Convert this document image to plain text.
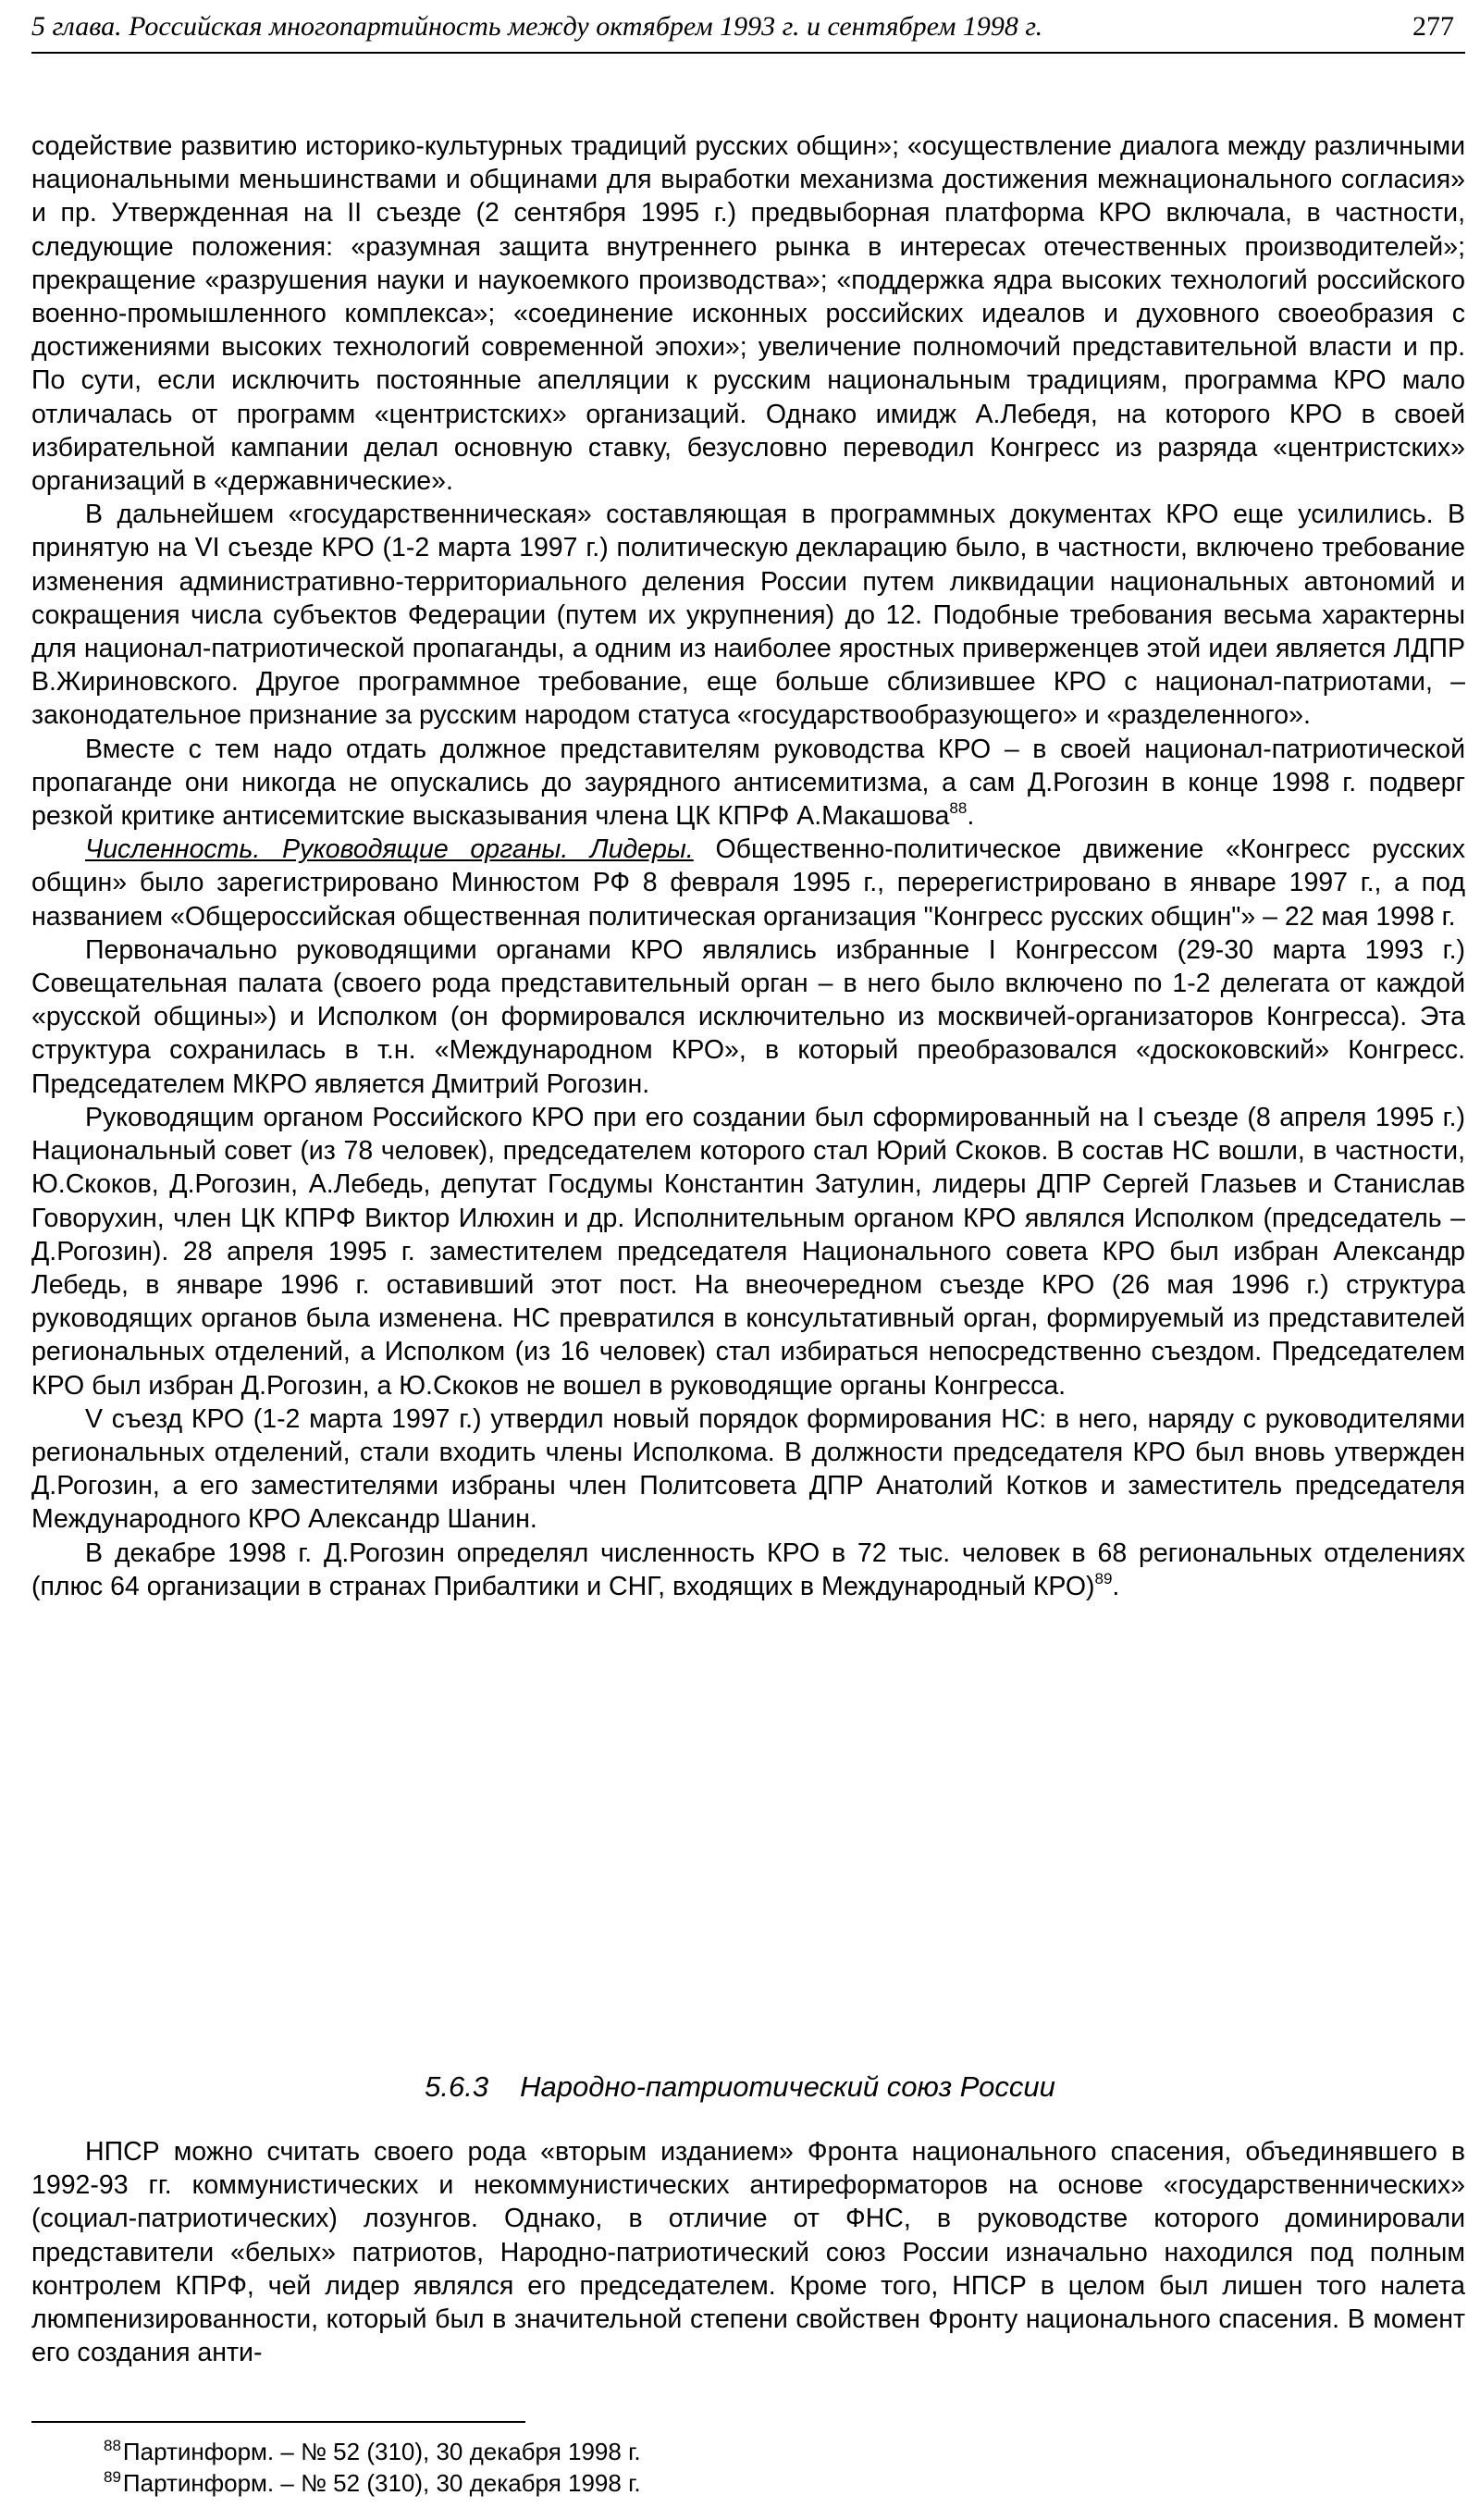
5 глава. Российская многопартийность между октябрем 1993 г. и сентябрем 1998 г.	277

содействие развитию историко-культурных традиций русских общин»; «осуществление диалога между различными национальными меньшинствами и общинами для выработки механизма достижения межнационального согласия» и пр. Утвержденная на II съезде (2 сентября 1995 г.) предвыборная платформа КРО включала, в частности, следующие положения: «разумная защита внутреннего рынка в интересах отечественных производителей»; прекращение «разрушения науки и наукоемкого производства»; «поддержка ядра высоких технологий российского военно-промышленного комплекса»; «соединение исконных российских идеалов и духовного своеобразия с достижениями высоких технологий современной эпохи»; увеличение полномочий представительной власти и пр. По сути, если исключить постоянные апелляции к русским национальным традициям, программа КРО мало отличалась от программ «центристских» организаций. Однако имидж А.Лебедя, на которого КРО в своей избирательной кампании делал основную ставку, безусловно переводил Конгресс из разряда «центристских» организаций в «державнические».

В дальнейшем «государственническая» составляющая в программных документах КРО еще усилились. В принятую на VI съезде КРО (1-2 марта 1997 г.) политическую декларацию было, в частности, включено требование изменения административно-территориального деления России путем ликвидации национальных автономий и сокращения числа субъектов Федерации (путем их укрупнения) до 12. Подобные требования весьма характерны для национал-патриотической пропаганды, а одним из наиболее яростных приверженцев этой идеи является ЛДПР В.Жириновского. Другое программное требование, еще больше сблизившее КРО с национал-патриотами, – законодательное признание за русским народом статуса «государствообразующего» и «разделенного».

Вместе с тем надо отдать должное представителям руководства КРО – в своей национал-патриотической пропаганде они никогда не опускались до заурядного антисемитизма, а сам Д.Рогозин в конце 1998 г. подверг резкой критике антисемитские высказывания члена ЦК КПРФ А.Макашова$^{88}$.

Численность. Руководящие органы. Лидеры. Общественно-политическое движение «Конгресс русских общин» было зарегистрировано Минюстом РФ 8 февраля 1995 г., перерегистрировано в январе 1997 г., а под названием «Общероссийская общественная политическая организация "Конгресс русских общин"» – 22 мая 1998 г.

Первоначально руководящими органами КРО являлись избранные I Конгрессом (29-30 марта 1993 г.) Совещательная палата (своего рода представительный орган – в него было включено по 1-2 делегата от каждой «русской общины») и Исполком (он формировался исключительно из москвичей-организаторов Конгресса). Эта структура сохранилась в т.н. «Международном КРО», в который преобразовался «доскоковский» Конгресс. Председателем МКРО является Дмитрий Рогозин.

Руководящим органом Российского КРО при его создании был сформированный на I съезде (8 апреля 1995 г.) Национальный совет (из 78 человек), председателем которого стал Юрий Скоков. В состав НС вошли, в частности, Ю.Скоков, Д.Рогозин, А.Лебедь, депутат Госдумы Константин Затулин, лидеры ДПР Сергей Глазьев и Станислав Говорухин, член ЦК КПРФ Виктор Илюхин и др. Исполнительным органом КРО являлся Исполком (председатель – Д.Рогозин). 28 апреля 1995 г. заместителем председателя Национального совета КРО был избран Александр Лебедь, в январе 1996 г. оставивший этот пост. На внеочередном съезде КРО (26 мая 1996 г.) структура руководящих органов была изменена. НС превратился в консультативный орган, формируемый из представителей региональных отделений, а Исполком (из 16 человек) стал избираться непосредственно съездом. Председателем КРО был избран Д.Рогозин, а Ю.Скоков не вошел в руководящие органы Конгресса.

V съезд КРО (1-2 марта 1997 г.) утвердил новый порядок формирования НС: в него, наряду с руководителями региональных отделений, стали входить члены Исполкома. В должности председателя КРО был вновь утвержден Д.Рогозин, а его заместителями избраны член Политсовета ДПР Анатолий Котков и заместитель председателя Международного КРО Александр Шанин.

В декабре 1998 г. Д.Рогозин определял численность КРО в 72 тыс. человек в 68 региональных отделениях (плюс 64 организации в странах Прибалтики и СНГ, входящих в Международный КРО)$^{89}$.

5.6.3 Народно-патриотический союз России

НПСР можно считать своего рода «вторым изданием» Фронта национального спасения, объединявшего в 1992-93 гг. коммунистических и некоммунистических антиреформаторов на основе «государственнических» (социал-патриотических) лозунгов. Однако, в отличие от ФНС, в руководстве которого доминировали представители «белых» патриотов, Народно-патриотический союз России изначально находился под полным контролем КПРФ, чей лидер являлся его председателем. Кроме того, НПСР в целом был лишен того налета люмпенизированности, который был в значительной степени свойствен Фронту национального спасения. В момент его создания анти-

$^{88}$Партинформ. – № 52 (310), 30 декабря 1998 г.
$^{89}$Партинформ. – № 52 (310), 30 декабря 1998 г.
